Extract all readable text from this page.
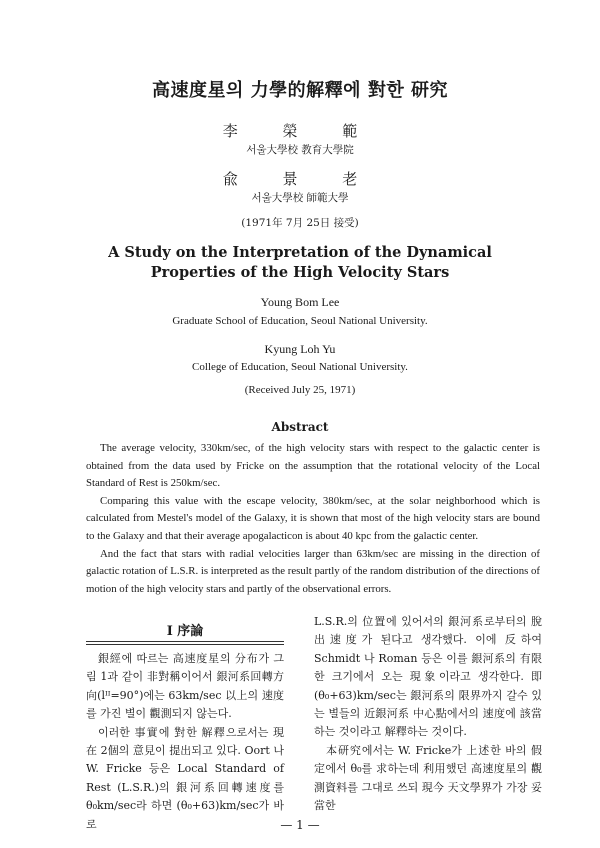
高速度星의 力學的解釋에 對한 研究
李 榮 範
서울大學校 教育大學院
兪 景 老
서울大學校 師範大學
(1971年 7月 25日 接受)
A Study on the Interpretation of the Dynamical
Properties of the High Velocity Stars
Young Bom Lee
Graduate School of Education, Seoul National University.
Kyung Loh Yu
College of Education, Seoul National University.
(Received July 25, 1971)
Abstract

The average velocity, 330km/sec, of the high velocity stars with respect to the galactic center is obtained from the data used by Fricke on the assumption that the rotational velocity of the Local Standard of Rest is 250km/sec.

Comparing this value with the escape velocity, 380km/sec, at the solar neighborhood which is calculated from Mestel's model of the Galaxy, it is shown that most of the high velocity stars are bound to the Galaxy and that their average apogalacticon is about 40 kpc from the galactic center.

And the fact that stars with radial velocities larger than 63km/sec are missing in the direction of galactic rotation of L.S.R. is interpreted as the result partly of the random distribution of the directions of motion of the high velocity stars and partly of the observational errors.

I 序論

銀經에 따르는 高速度星의 分布가 그림 1과 같이 非對稱이어서 銀河系回轉方向(lᴵᴵ=90°)에는 63km/sec 以上의 速度를 가진 별이 觀測되지 않는다.

이러한 事實에 對한 解釋으로서는 現在 2個의 意見이 提出되고 있다. Oort 나 W. Fricke 등은 Local Standard of Rest (L.S.R.)의 銀河系回轉速度를 θ₀km/sec라 하면 (θ₀+63)km/sec가 바로

L.S.R.의 位置에 있어서의 銀河系로부터의 脫出速度가 된다고 생각했다. 이에 反하여 Schmidt 나 Roman 등은 이를 銀河系의 有限한 크기에서 오는 現象이라고 생각한다. 即 (θ₀+63)km/sec는 銀河系의 限界까지 갈수 있는 별들의 近銀河系 中心點에서의 速度에 該當하는 것이라고 解釋하는 것이다.

本研究에서는 W. Fricke가 上述한 바의 假定에서 θ₀를 求하는데 利用했던 高速度星의 觀測資料를 그대로 쓰되 現今 天文學界가 가장 妥當한

— 1 —
